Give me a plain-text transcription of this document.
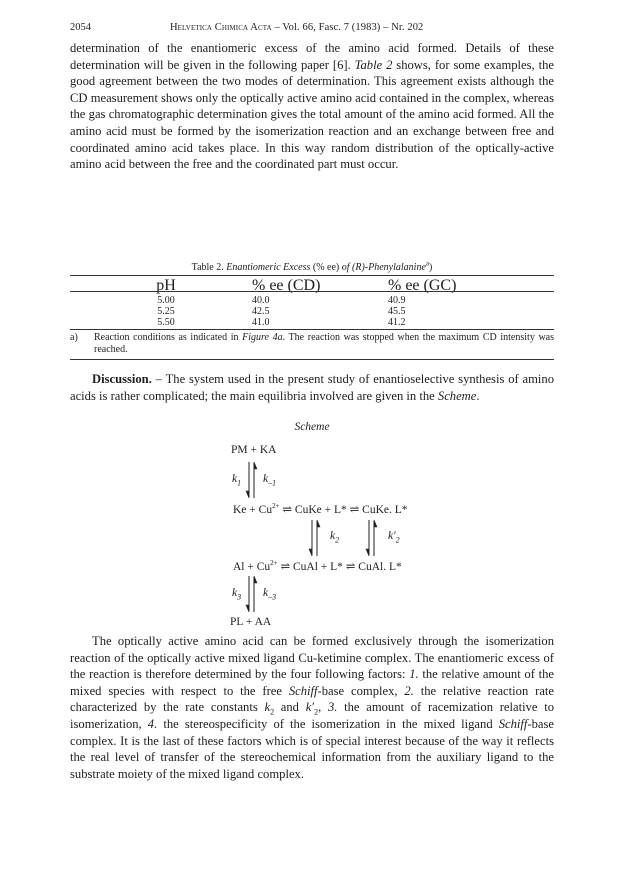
2054	Helvetica Chimica Acta – Vol. 66, Fasc. 7 (1983) – Nr. 202

determination of the enantiomeric excess of the amino acid formed. Details of these determination will be given in the following paper [6]. Table 2 shows, for some examples, the good agreement between the two modes of determination. This agreement exists although the CD measurement shows only the optically active amino acid contained in the complex, whereas the gas chromatographic determination gives the total amount of the amino acid formed. All the amino acid must be formed by the isomerization reaction and an exchange between free and coordinated amino acid takes place. In this way random distribution of the optically-active amino acid between the free and the coordinated part must occur.

Table 2. Enantiomeric Excess (% ee) of (R)-Phenylalanine$^a$)
pH	% ee (CD)	% ee (GC)
5.00	40.0	40.9
5.25	42.5	45.5
5.50	41.0	41.2
a) Reaction conditions as indicated in Figure 4a. The reaction was stopped when the maximum CD intensity was reached.

Discussion. – The system used in the present study of enantioselective synthesis of amino acids is rather complicated; the main equilibria involved are given in the Scheme.

Scheme
PM + KA
$k_1$ $k_{-1}$
$Ke + Cu^{2+}$ ⇌ CuKe + L* ⇌ CuKe. L*
$k_2$	$k'_2$
$Al + Cu^{2+}$ ⇌ CuAl + L* ⇌ CuAl. L*
$k_3$ $k_{-3}$
PL + AA

The optically active amino acid can be formed exclusively through the isomerization reaction of the optically active mixed ligand Cu-ketimine complex. The enantiomeric excess of the reaction is therefore determined by the four following factors: 1. the relative amount of the mixed species with respect to the free Schiff-base complex, 2. the relative reaction rate characterized by the rate constants $k_2$ and $k'_2$, 3. the amount of racemization relative to isomerization, 4. the stereospecificity of the isomerization in the mixed ligand Schiff-base complex. It is the last of these factors which is of special interest because of the way it reflects the real level of transfer of the stereochemical information from the auxiliary ligand to the substrate moiety of the mixed ligand complex.
